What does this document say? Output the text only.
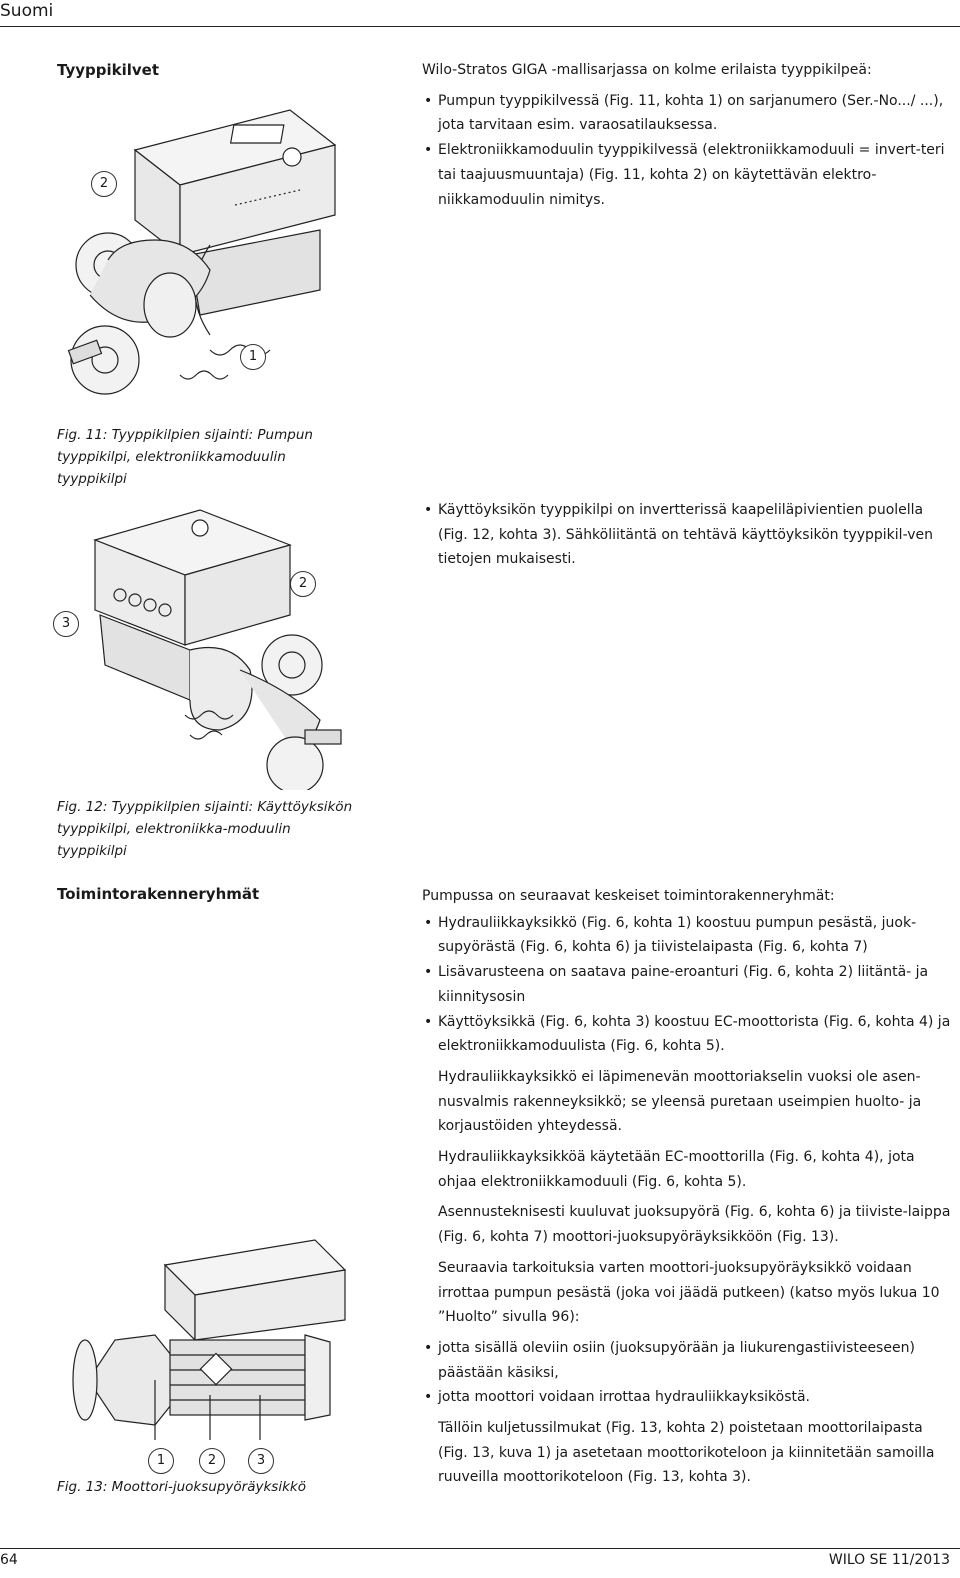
Suomi
Tyyppikilvet	Wilo-Stratos GIGA -mallisarjassa on kolme erilaista tyyppikilpeä:

• Pumpun tyyppikilvessä (Fig. 11, kohta 1) on sarjanumero (Ser.-No.../ ...), jota tarvitaan esim. varaosatilauksessa.
• Elektroniikkamoduulin tyyppikilvessä (elektroniikkamoduuli = invert-teri tai taajuusmuuntaja) (Fig. 11, kohta 2) on käytettävän elektro-niikkamoduulin nimitys.
• Käyttöyksikön tyyppikilpi on invertterissä kaapeliläpivientien puolella (Fig. 12, kohta 3). Sähköliitäntä on tehtävä käyttöyksikön tyyppikil-ven tietojen mukaisesti.
2
1
Fig. 11: Tyyppikilpien sijainti: Pumpun tyyppikilpi, elektroniikkamoduulin tyyppikilpi
2
3
Fig. 12: Tyyppikilpien sijainti: Käyttöyksikön tyyppikilpi, elektroniikka-moduulin tyyppikilpi
Toimintorakenneryhmät	Pumpussa on seuraavat keskeiset toimintorakenneryhmät:

• Hydrauliikkayksikkö (Fig. 6, kohta 1) koostuu pumpun pesästä, juok-supyörästä (Fig. 6, kohta 6) ja tiivistelaipasta (Fig. 6, kohta 7)
• Lisävarusteena on saatava paine-eroanturi (Fig. 6, kohta 2) liitäntä- ja kiinnitysosin
• Käyttöyksikkä (Fig. 6, kohta 3) koostuu EC-moottorista (Fig. 6, kohta 4) ja elektroniikkamoduulista (Fig. 6, kohta 5).

Hydrauliikkayksikkö ei läpimenevän moottoriakselin vuoksi ole asen-nusvalmis rakenneyksikkö; se yleensä puretaan useimpien huolto- ja korjaustöiden yhteydessä.

Hydrauliikkayksikköä käytetään EC-moottorilla (Fig. 6, kohta 4), jota ohjaa elektroniikkamoduuli (Fig. 6, kohta 5).

Asennusteknisesti kuuluvat juoksupyörä (Fig. 6, kohta 6) ja tiiviste-laippa (Fig. 6, kohta 7) moottori-juoksupyöräyksikköön (Fig. 13).

Seuraavia tarkoituksia varten moottori-juoksupyöräyksikkö voidaan irrottaa pumpun pesästä (joka voi jäädä putkeen) (katso myös lukua 10 ”Huolto” sivulla 96):

• jotta sisällä oleviin osiin (juoksupyörään ja liukurengastiivisteeseen) päästään käsiksi,
• jotta moottori voidaan irrottaa hydrauliikkayksiköstä.

Tällöin kuljetussilmukat (Fig. 13, kohta 2) poistetaan moottorilaipasta (Fig. 13, kuva 1) ja asetetaan moottorikoteloon ja kiinnitetään samoilla ruuveilla moottorikoteloon (Fig. 13, kohta 3).

1	2	3
Fig. 13: Moottori-juoksupyöräyksikkö
64	WILO SE 11/2013
